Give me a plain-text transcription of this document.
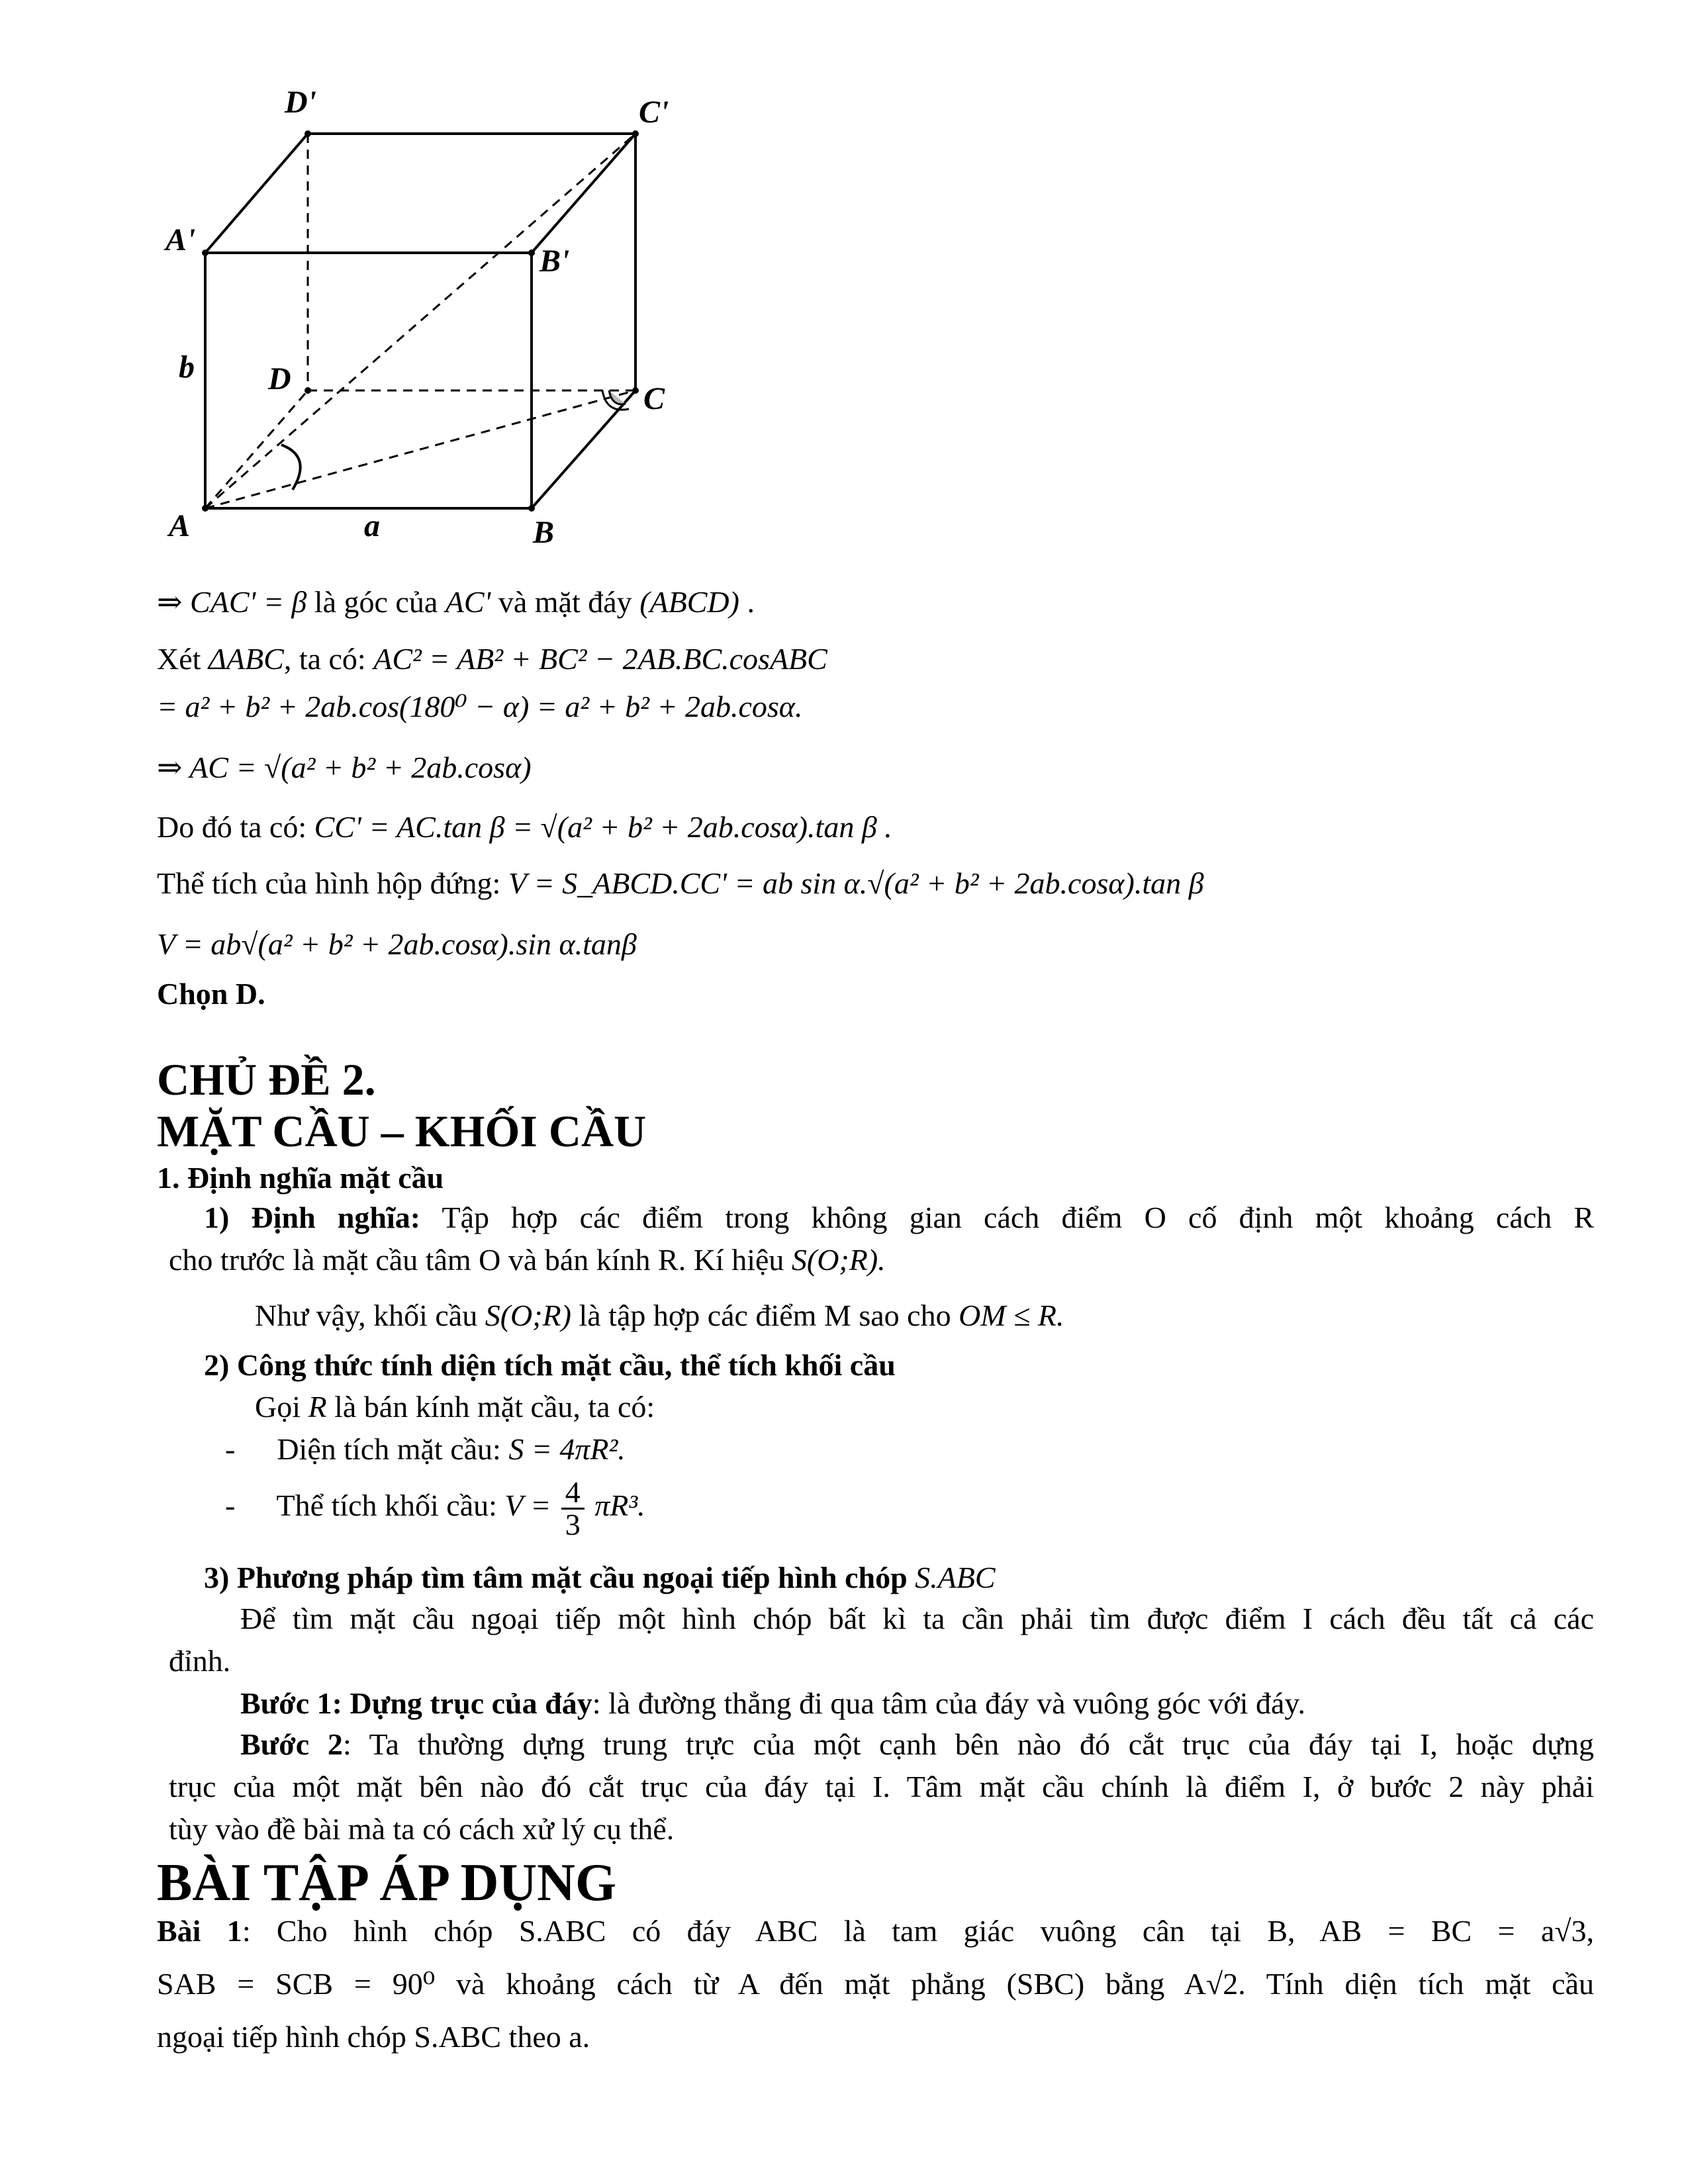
D'	C'
A'
B'
b D
C
A	a	B
⇒ CAC' = β là góc của AC' và mặt đáy (ABCD) .
Xét ΔABC, ta có: AC² = AB² + BC² − 2AB.BC.cosABC
= a² + b² + 2ab.cos(180⁰ − α) = a² + b² + 2ab.cosα.
⇒ AC = √(a² + b² + 2ab.cosα)
Do đó ta có: CC' = AC.tan β = √(a² + b² + 2ab.cosα).tan β .
Thể tích của hình hộp đứng: V = S_ABCD.CC' = ab sin α.√(a² + b² + 2ab.cosα).tan β
V = ab√(a² + b² + 2ab.cosα).sin α.tanβ
Chọn D.
CHỦ ĐỀ 2.
MẶT CẦU – KHỐI CẦU
1. Định nghĩa mặt cầu
1) Định nghĩa: Tập hợp các điểm trong không gian cách điểm O cố định một khoảng cách R
cho trước là mặt cầu tâm O và bán kính R. Kí hiệu S(O;R).
Như vậy, khối cầu S(O;R) là tập hợp các điểm M sao cho OM ≤ R.
2) Công thức tính diện tích mặt cầu, thể tích khối cầu
Gọi R là bán kính mặt cầu, ta có:
- Diện tích mặt cầu: S = 4πR².
- Thể tích khối cầu: $V = \frac{4}{3} \pi R^3$.
3) Phương pháp tìm tâm mặt cầu ngoại tiếp hình chóp S.ABC
Để tìm mặt cầu ngoại tiếp một hình chóp bất kì ta cần phải tìm được điểm I cách đều tất cả các
đỉnh.
Bước 1: Dựng trục của đáy: là đường thẳng đi qua tâm của đáy và vuông góc với đáy.
Bước 2: Ta thường dựng trung trực của một cạnh bên nào đó cắt trục của đáy tại I, hoặc dựng
trục của một mặt bên nào đó cắt trục của đáy tại I. Tâm mặt cầu chính là điểm I, ở bước 2 này phải
tùy vào đề bài mà ta có cách xử lý cụ thể.
BÀI TẬP ÁP DỤNG
Bài 1: Cho hình chóp S.ABC có đáy ABC là tam giác vuông cân tại B, AB = BC = a√3,
SAB = SCB = 90⁰ và khoảng cách từ A đến mặt phẳng (SBC) bằng A√2. Tính diện tích mặt cầu
ngoại tiếp hình chóp S.ABC theo a.
